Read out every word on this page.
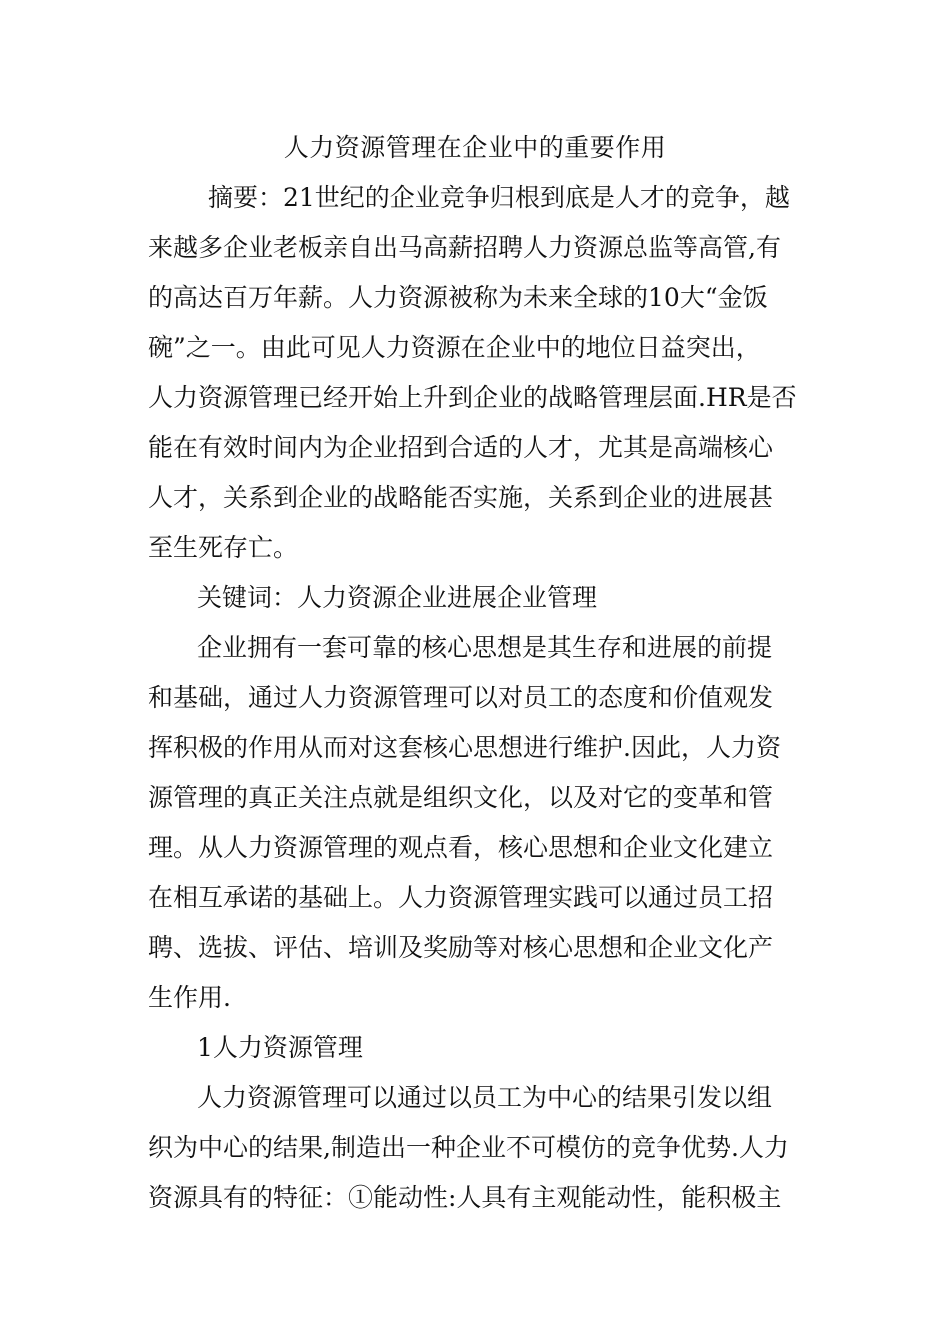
人力资源管理在企业中的重要作用

摘要：21世纪的企业竞争归根到底是人才的竞争，越

来越多企业老板亲自出马高薪招聘人力资源总监等高管,有

的高达百万年薪。人力资源被称为未来全球的10大“金饭

碗”之一。由此可见人力资源在企业中的地位日益突出，

人力资源管理已经开始上升到企业的战略管理层面.HR是否

能在有效时间内为企业招到合适的人才，尤其是高端核心

人才，关系到企业的战略能否实施，关系到企业的进展甚

至生死存亡。

关键词：人力资源企业进展企业管理

企业拥有一套可靠的核心思想是其生存和进展的前提

和基础，通过人力资源管理可以对员工的态度和价值观发

挥积极的作用从而对这套核心思想进行维护.因此，人力资

源管理的真正关注点就是组织文化，以及对它的变革和管

理。从人力资源管理的观点看，核心思想和企业文化建立

在相互承诺的基础上。人力资源管理实践可以通过员工招

聘、选拔、评估、培训及奖励等对核心思想和企业文化产

生作用.

1人力资源管理

人力资源管理可以通过以员工为中心的结果引发以组

织为中心的结果,制造出一种企业不可模仿的竞争优势.人力

资源具有的特征：①能动性:人具有主观能动性，能积极主
